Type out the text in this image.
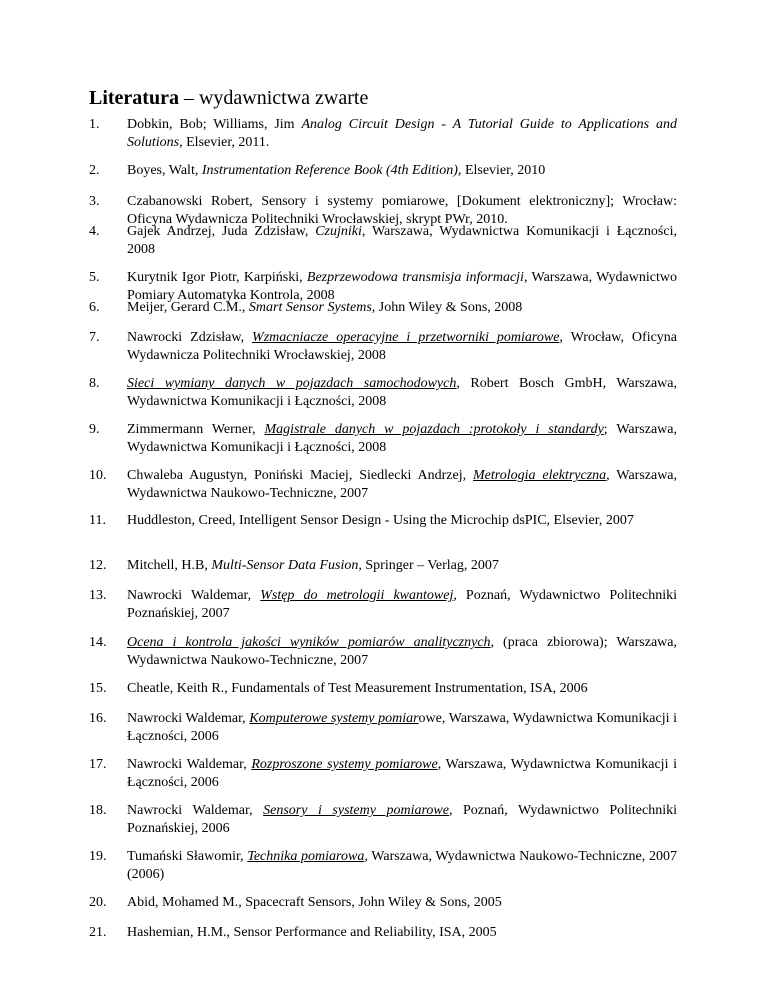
Literatura – wydawnictwa zwarte
1.	Dobkin, Bob; Williams, Jim Analog Circuit Design - A Tutorial Guide to Applications and Solutions, Elsevier, 2011.
2.	Boyes, Walt, Instrumentation Reference Book (4th Edition), Elsevier, 2010
3.	Czabanowski Robert, Sensory i systemy pomiarowe, [Dokument elektroniczny]; Wrocław: Oficyna Wydawnicza Politechniki Wrocławskiej, skrypt PWr, 2010.
4.	Gajek Andrzej, Juda Zdzisław, Czujniki, Warszawa, Wydawnictwa Komunikacji i Łączności, 2008
5.	Kurytnik Igor Piotr, Karpiński, Bezprzewodowa transmisja informacji, Warszawa, Wydawnictwo Pomiary Automatyka Kontrola, 2008
6.	Meijer, Gerard C.M., Smart Sensor Systems, John Wiley & Sons, 2008
7.	Nawrocki Zdzisław, Wzmacniacze operacyjne i przetworniki pomiarowe, Wrocław, Oficyna Wydawnicza Politechniki Wrocławskiej, 2008
8.	Sieci wymiany danych w pojazdach samochodowych, Robert Bosch GmbH, Warszawa, Wydawnictwa Komunikacji i Łączności, 2008
9.	Zimmermann Werner, Magistrale danych w pojazdach :protokoły i standardy; Warszawa, Wydawnictwa Komunikacji i Łączności, 2008
10.	Chwaleba Augustyn, Poniński Maciej, Siedlecki Andrzej, Metrologia elektryczna, Warszawa, Wydawnictwa Naukowo-Techniczne, 2007
11.	Huddleston, Creed, Intelligent Sensor Design - Using the Microchip dsPIC, Elsevier, 2007
12.	Mitchell, H.B, Multi-Sensor Data Fusion, Springer – Verlag, 2007
13.	Nawrocki Waldemar, Wstęp do metrologii kwantowej, Poznań, Wydawnictwo Politechniki Poznańskiej, 2007
14.	Ocena i kontrola jakości wyników pomiarów analitycznych, (praca zbiorowa); Warszawa, Wydawnictwa Naukowo-Techniczne, 2007
15.	Cheatle, Keith R., Fundamentals of Test Measurement Instrumentation, ISA, 2006
16.	Nawrocki Waldemar, Komputerowe systemy pomiarowe, Warszawa, Wydawnictwa Komunikacji i Łączności, 2006
17.	Nawrocki Waldemar, Rozproszone systemy pomiarowe, Warszawa, Wydawnictwa Komunikacji i Łączności, 2006
18.	Nawrocki Waldemar, Sensory i systemy pomiarowe, Poznań, Wydawnictwo Politechniki Poznańskiej, 2006
19.	Tumański Sławomir, Technika pomiarowa, Warszawa, Wydawnictwa Naukowo-Techniczne, 2007 (2006)
20.	Abid, Mohamed M., Spacecraft Sensors, John Wiley & Sons, 2005
21.	Hashemian, H.M., Sensor Performance and Reliability, ISA, 2005
